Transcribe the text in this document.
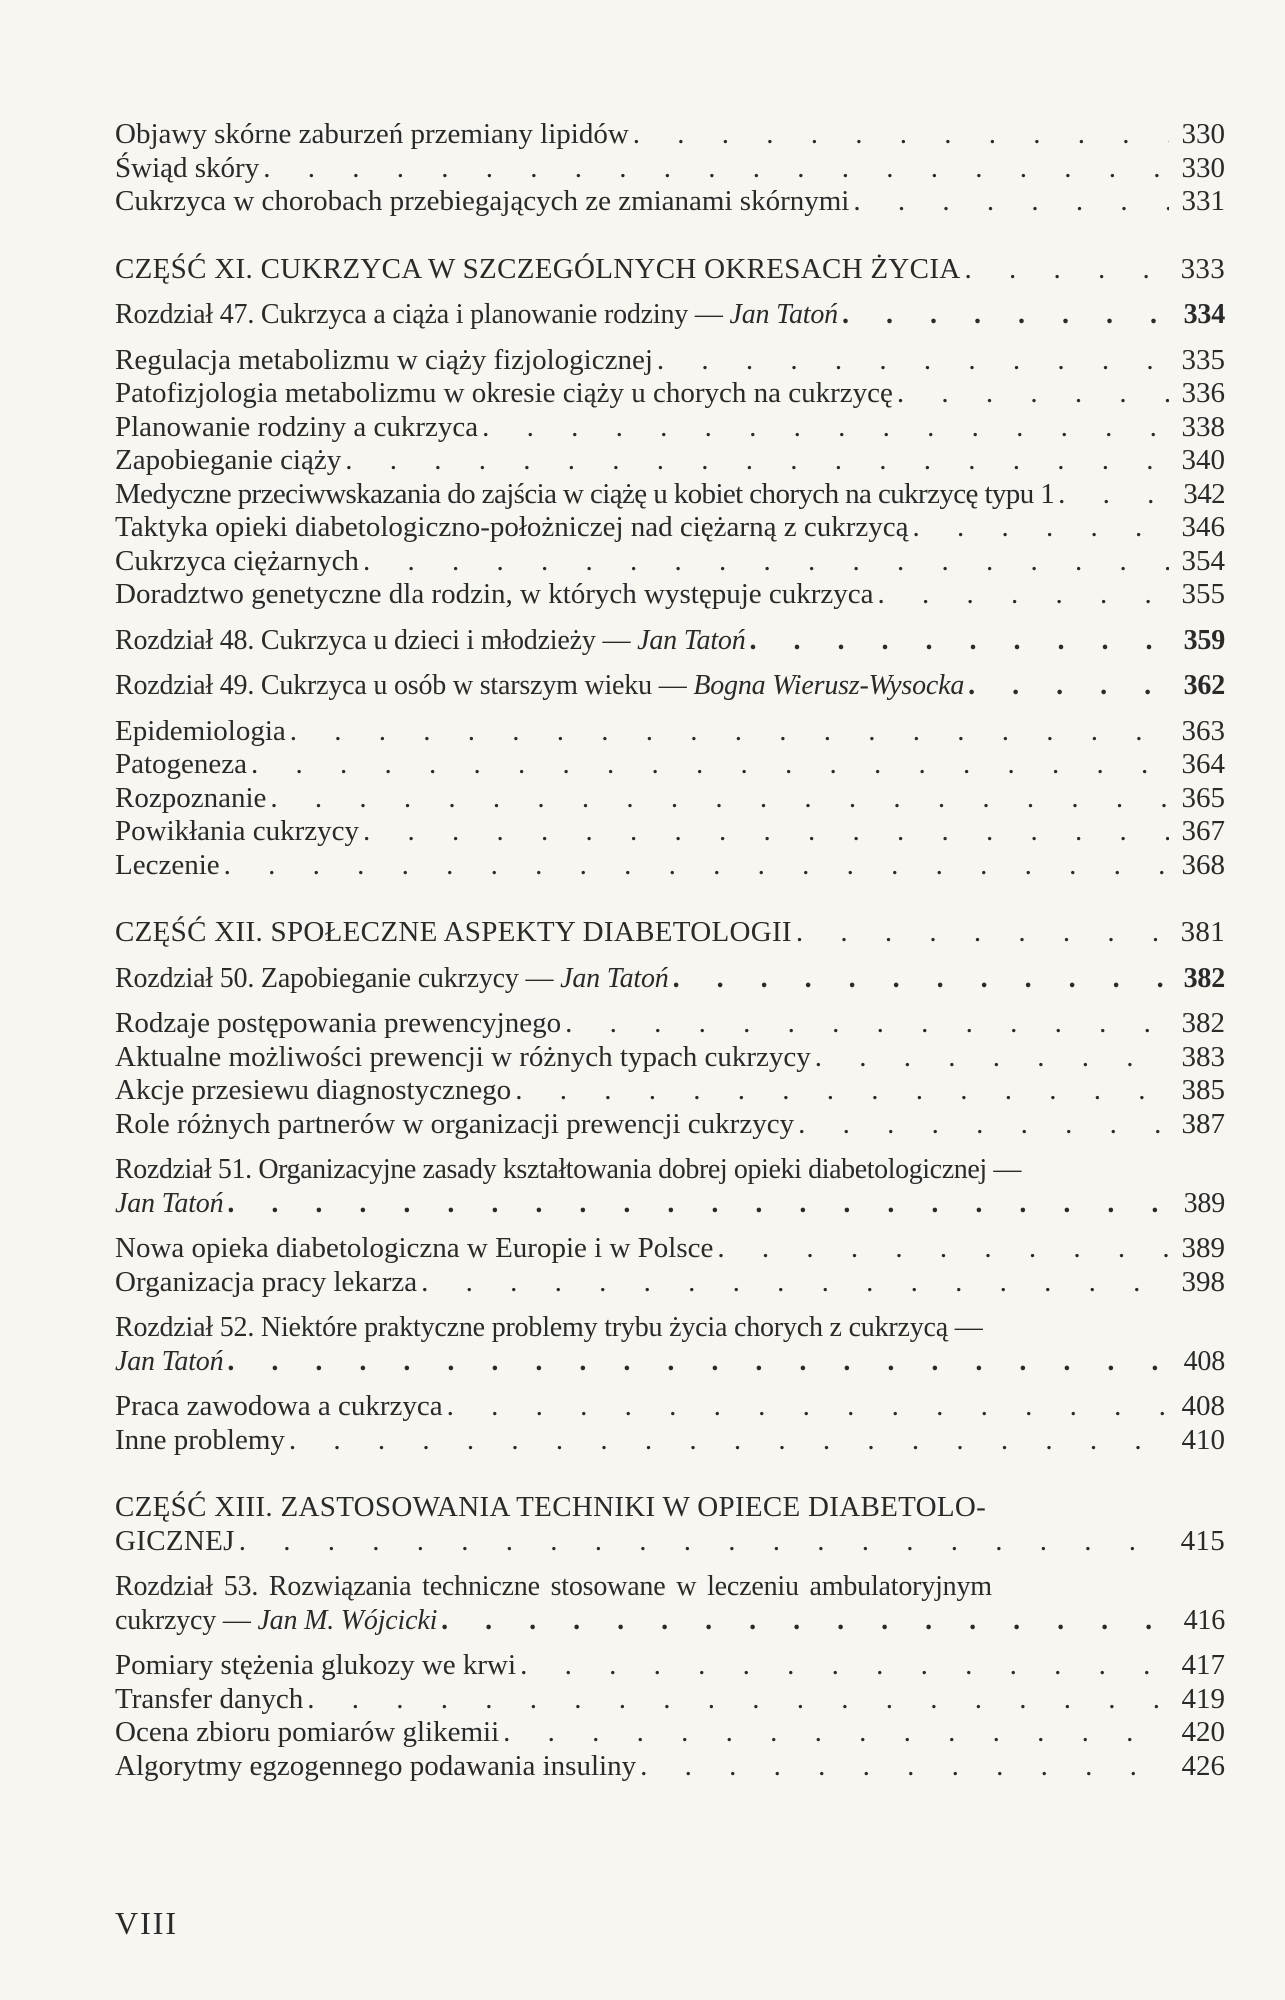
Objawy skórne zaburzeń przemiany lipidów . . .	330
Świąd skóry . . .	330
Cukrzyca w chorobach przebiegających ze zmianami skórnymi . . .	331
CZĘŚĆ XI. CUKRZYCA W SZCZEGÓLNYCH OKRESACH ŻYCIA . . .	333
Rozdział 47. Cukrzyca a ciąża i planowanie rodziny — Jan Tatoń . . .	334
Regulacja metabolizmu w ciąży fizjologicznej . . .	335
Patofizjologia metabolizmu w okresie ciąży u chorych na cukrzycę . . .	336
Planowanie rodziny a cukrzyca . . .	338
Zapobieganie ciąży . . .	340
Medyczne przeciwwskazania do zajścia w ciążę u kobiet chorych na cukrzycę typu 1 . . .	342
Taktyka opieki diabetologiczno-położniczej nad ciężarną z cukrzycą . . .	346
Cukrzyca ciężarnych . . .	354
Doradztwo genetyczne dla rodzin, w których występuje cukrzyca . . .	355
Rozdział 48. Cukrzyca u dzieci i młodzieży — Jan Tatoń . . .	359
Rozdział 49. Cukrzyca u osób w starszym wieku — Bogna Wierusz-Wysocka . . .	362
Epidemiologia . . .	363
Patogeneza . . .	364
Rozpoznanie . . .	365
Powikłania cukrzycy . . .	367
Leczenie . . .	368
CZĘŚĆ XII. SPOŁECZNE ASPEKTY DIABETOLOGII . . .	381
Rozdział 50. Zapobieganie cukrzycy — Jan Tatoń . . .	382
Rodzaje postępowania prewencyjnego . . .	382
Aktualne możliwości prewencji w różnych typach cukrzycy . . .	383
Akcje przesiewu diagnostycznego . . .	385
Role różnych partnerów w organizacji prewencji cukrzycy . . .	387
Rozdział 51. Organizacyjne zasady kształtowania dobrej opieki diabetologicznej —
Jan Tatoń . . .	389
Nowa opieka diabetologiczna w Europie i w Polsce . . .	389
Organizacja pracy lekarza . . .	398
Rozdział 52. Niektóre praktyczne problemy trybu życia chorych z cukrzycą —
Jan Tatoń . . .	408
Praca zawodowa a cukrzyca . . .	408
Inne problemy . . .	410
CZĘŚĆ XIII. ZASTOSOWANIA TECHNIKI W OPIECE DIABETOLO-
GICZNEJ . . .	415
Rozdział 53. Rozwiązania techniczne stosowane w leczeniu ambulatoryjnym
cukrzycy — Jan M. Wójcicki . . .	416
Pomiary stężenia glukozy we krwi . . .	417
Transfer danych . . .	419
Ocena zbioru pomiarów glikemii . . .	420
Algorytmy egzogennego podawania insuliny . . .	426
VIII
